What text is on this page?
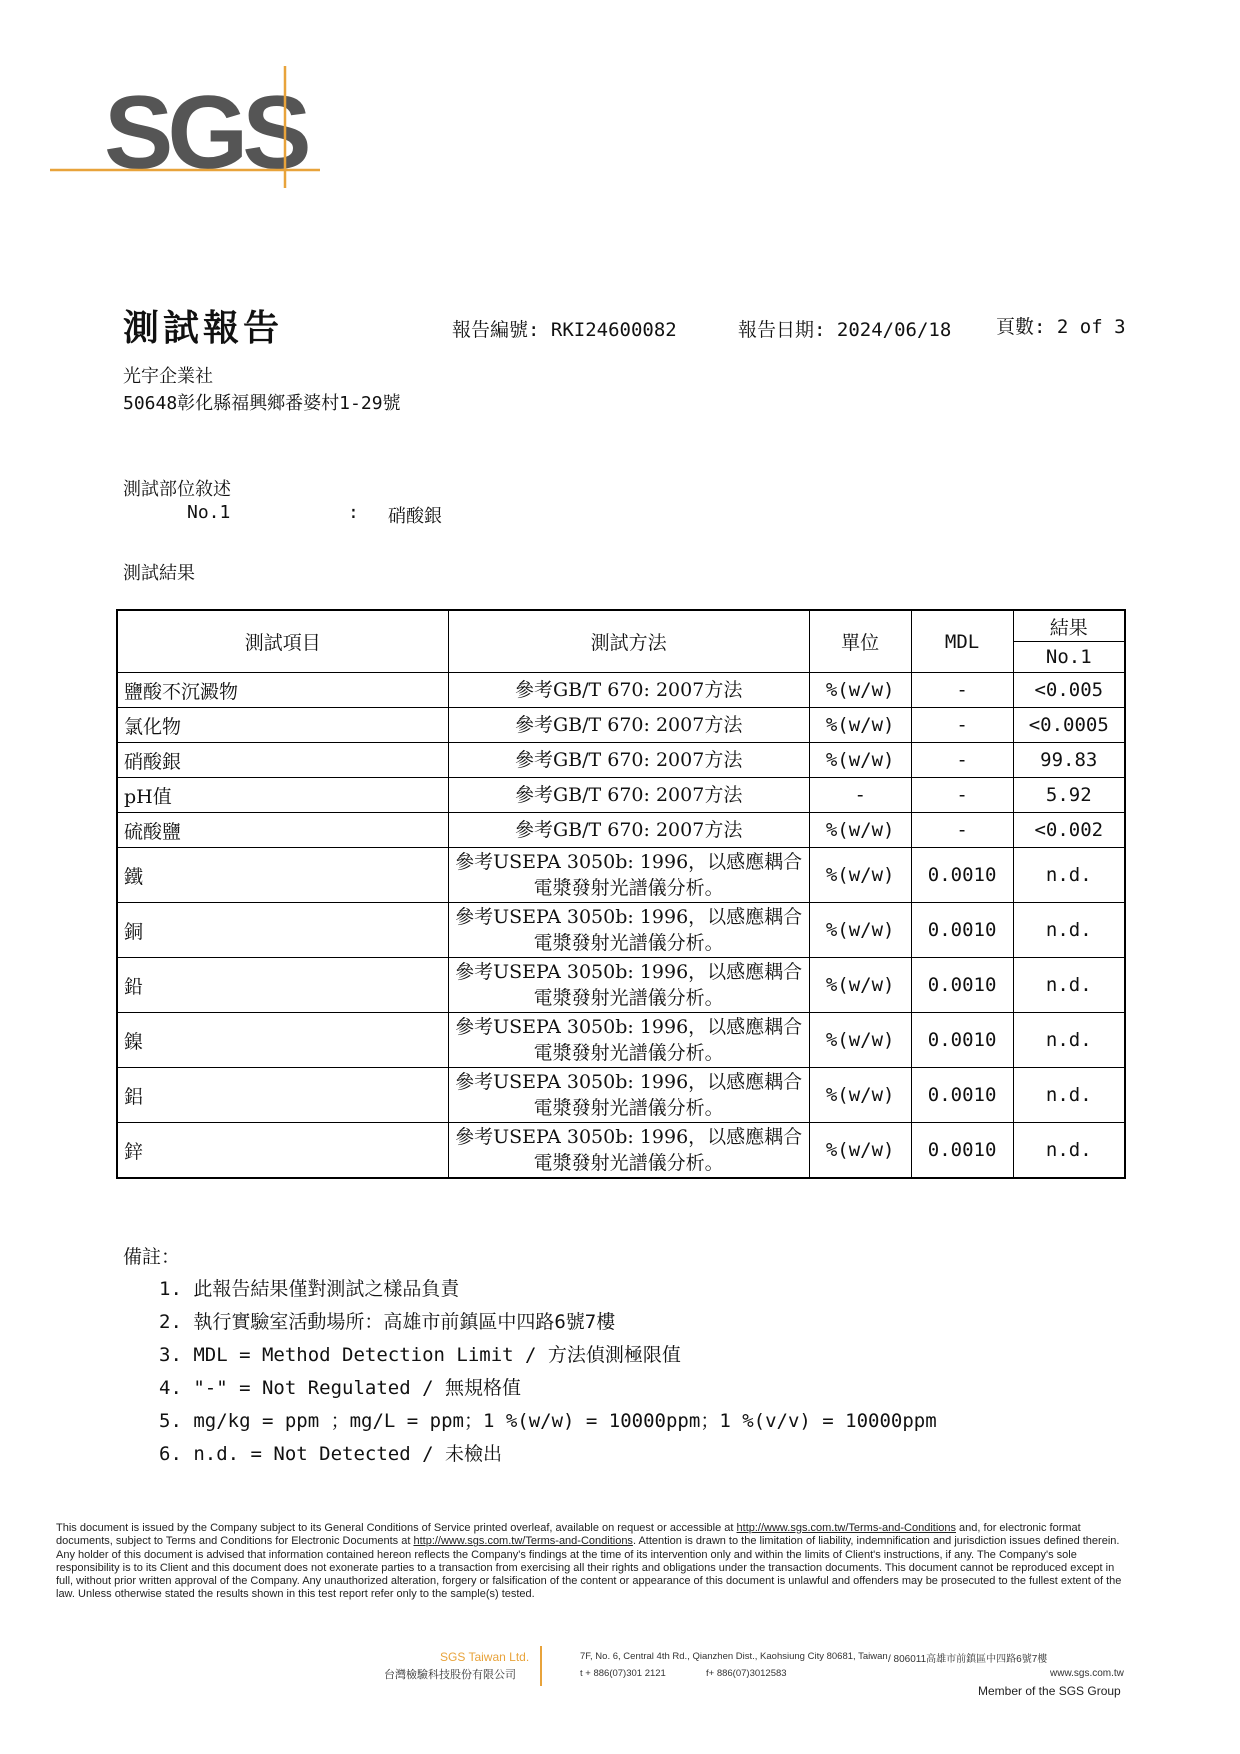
SGS
測試報告	報告編號: RKI24600082	報告日期: 2024/06/18 頁數: 2 of 3
光宇企業社
50648彰化縣福興鄉番婆村1-29號
測試部位敘述
No.1	: 硝酸銀
測試結果
測試項目	測試方法	單位	MDL	結果
				No.1
鹽酸不沉澱物	參考GB/T 670: 2007方法	%(w/w)	-	<0.005
氯化物	參考GB/T 670: 2007方法	%(w/w)	-	<0.0005
硝酸銀	參考GB/T 670: 2007方法	%(w/w)	-	99.83
pH值	參考GB/T 670: 2007方法	-	-	5.92
硫酸鹽	參考GB/T 670: 2007方法	%(w/w)	-	<0.002
鐵	參考USEPA 3050b: 1996，以感應耦合
電漿發射光譜儀分析。	%(w/w)	0.0010	n.d.
銅	參考USEPA 3050b: 1996，以感應耦合
電漿發射光譜儀分析。	%(w/w)	0.0010	n.d.
鉛	參考USEPA 3050b: 1996，以感應耦合
電漿發射光譜儀分析。	%(w/w)	0.0010	n.d.
鎳	參考USEPA 3050b: 1996，以感應耦合
電漿發射光譜儀分析。	%(w/w)	0.0010	n.d.
鋁	參考USEPA 3050b: 1996，以感應耦合
電漿發射光譜儀分析。	%(w/w)	0.0010	n.d.
鋅	參考USEPA 3050b: 1996，以感應耦合
電漿發射光譜儀分析。	%(w/w)	0.0010	n.d.
備註：
1. 此報告結果僅對測試之樣品負責
2. 執行實驗室活動場所：高雄市前鎮區中四路6號7樓
3. MDL = Method Detection Limit / 方法偵測極限值
4. "-" = Not Regulated / 無規格值
5. mg/kg = ppm ；mg/L = ppm；1 %(w/w) = 10000ppm；1 %(v/v) = 10000ppm
6. n.d. = Not Detected / 未檢出
This document is issued by the Company subject to its General Conditions of Service printed overleaf, available on request or accessible at http://www.sgs.com.tw/Terms-and-Conditions and, for electronic format documents, subject to Terms and Conditions for Electronic Documents at http://www.sgs.com.tw/Terms-and-Conditions. Attention is drawn to the limitation of liability, indemnification and jurisdiction issues defined therein. Any holder of this document is advised that information contained hereon reflects the Company's findings at the time of its intervention only and within the limits of Client's instructions, if any. The Company's sole responsibility is to its Client and this document does not exonerate parties to a transaction from exercising all their rights and obligations under the transaction documents. This document cannot be reproduced except in full, without prior written approval of the Company. Any unauthorized alteration, forgery or falsification of the content or appearance of this document is unlawful and offenders may be prosecuted to the fullest extent of the law. Unless otherwise stated the results shown in this test report refer only to the sample(s) tested.
SGS Taiwan Ltd.
台灣檢驗科技股份有限公司
7F, No. 6, Central 4th Rd., Qianzhen Dist., Kaohsiung City 80681, Taiwan / 806011高雄市前鎮區中四路6號7樓
t + 886(07)301 2121	f+ 886(07)3012583	www.sgs.com.tw
Member of the SGS Group
